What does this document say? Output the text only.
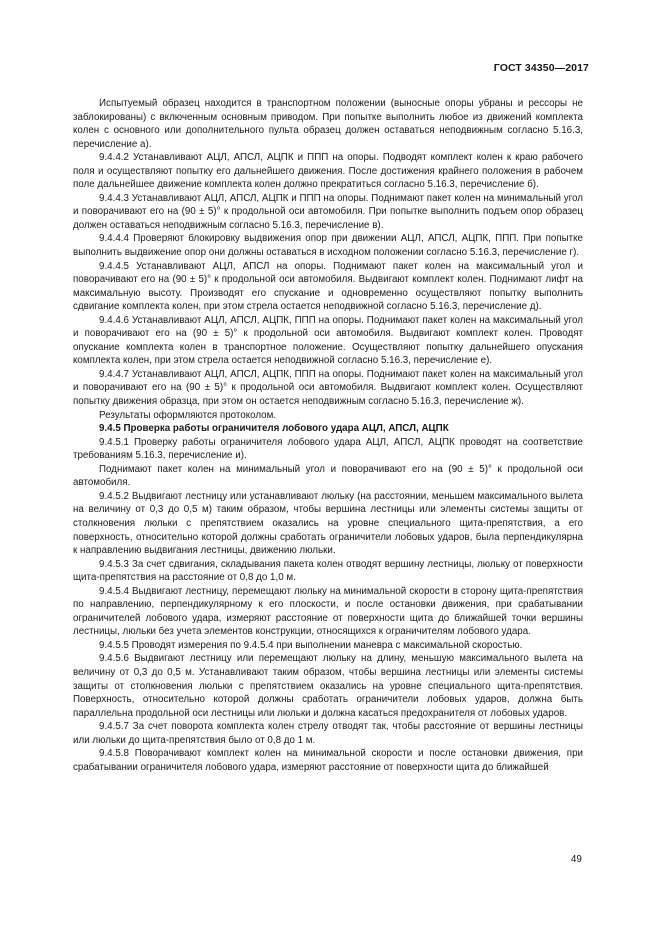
ГОСТ 34350—2017

Испытуемый образец находится в транспортном положении (выносные опоры убраны и рессоры не заблокированы) с включенным основным приводом. При попытке выполнить любое из движений комплекта колен с основного или дополнительного пульта образец должен оставаться неподвижным согласно 5.16.3, перечисление а).

9.4.4.2 Устанавливают АЦЛ, АПСЛ, АЦПК и ППП на опоры. Подводят комплект колен к краю рабочего поля и осуществляют попытку его дальнейшего движения. После достижения крайнего положения в рабочем поле дальнейшее движение комплекта колен должно прекратиться согласно 5.16.3, перечисление б).

9.4.4.3 Устанавливают АЦЛ, АПСЛ, АЦПК и ППП на опоры. Поднимают пакет колен на минимальный угол и поворачивают его на (90 ± 5)° к продольной оси автомобиля. При попытке выполнить подъем опор образец должен оставаться неподвижным согласно 5.16.3, перечисление в).

9.4.4.4 Проверяют блокировку выдвижения опор при движении АЦЛ, АПСЛ, АЦПК, ППП. При попытке выполнить выдвижение опор они должны оставаться в исходном положении согласно 5.16.3, перечисление г).

9.4.4.5 Устанавливают АЦЛ, АПСЛ на опоры. Поднимают пакет колен на максимальный угол и поворачивают его на (90 ± 5)° к продольной оси автомобиля. Выдвигают комплект колен. Поднимают лифт на максимальную высоту. Производят его спускание и одновременно осуществляют попытку выполнить сдвигание комплекта колен, при этом стрела остается неподвижной согласно 5.16.3, перечисление д).

9.4.4.6 Устанавливают АЦЛ, АПСЛ, АЦПК, ППП на опоры. Поднимают пакет колен на максимальный угол и поворачивают его на (90 ± 5)° к продольной оси автомобиля. Выдвигают комплект колен. Проводят опускание комплекта колен в транспортное положение. Осуществляют попытку дальнейшего опускания комплекта колен, при этом стрела остается неподвижной согласно 5.16.3, перечисление е).

9.4.4.7 Устанавливают АЦЛ, АПСЛ, АЦПК, ППП на опоры. Поднимают пакет колен на максимальный угол и поворачивают его на (90 ± 5)° к продольной оси автомобиля. Выдвигают комплект колен. Осуществляют попытку движения образца, при этом он остается неподвижным согласно 5.16.3, перечисление ж).

Результаты оформляются протоколом.

9.4.5 Проверка работы ограничителя лобового удара АЦЛ, АПСЛ, АЦПК

9.4.5.1 Проверку работы ограничителя лобового удара АЦЛ, АПСЛ, АЦПК проводят на соответствие требованиям 5.16.3, перечисление и).

Поднимают пакет колен на минимальный угол и поворачивают его на (90 ± 5)° к продольной оси автомобиля.

9.4.5.2 Выдвигают лестницу или устанавливают люльку (на расстоянии, меньшем максимального вылета на величину от 0,3 до 0,5 м) таким образом, чтобы вершина лестницы или элементы системы защиты от столкновения люльки с препятствием оказались на уровне специального щита-препятствия, а его поверхность, относительно которой должны сработать ограничители лобовых ударов, была перпендикулярна к направлению выдвигания лестницы, движению люльки.

9.4.5.3 За счет сдвигания, складывания пакета колен отводят вершину лестницы, люльку от поверхности щита-препятствия на расстояние от 0,8 до 1,0 м.

9.4.5.4 Выдвигают лестницу, перемещают люльку на минимальной скорости в сторону щита-препятствия по направлению, перпендикулярному к его плоскости, и после остановки движения, при срабатывании ограничителей лобового удара, измеряют расстояние от поверхности щита до ближайшей точки вершины лестницы, люльки без учета элементов конструкции, относящихся к ограничителям лобового удара.

9.4.5.5 Проводят измерения по 9.4.5.4 при выполнении маневра с максимальной скоростью.

9.4.5.6 Выдвигают лестницу или перемещают люльку на длину, меньшую максимального вылета на величину от 0,3 до 0,5 м. Устанавливают таким образом, чтобы вершина лестницы или элементы системы защиты от столкновения люльки с препятствием оказались на уровне специального щита-препятствия. Поверхность, относительно которой должны сработать ограничители лобовых ударов, должна быть параллельна продольной оси лестницы или люльки и должна касаться предохранителя от лобовых ударов.

9.4.5.7 За счет поворота комплекта колен стрелу отводят так, чтобы расстояние от вершины лестницы или люльки до щита-препятствия было от 0,8 до 1 м.

9.4.5.8 Поворачивают комплект колен на минимальной скорости и после остановки движения, при срабатывании ограничителя лобового удара, измеряют расстояние от поверхности щита до ближайшей

49
